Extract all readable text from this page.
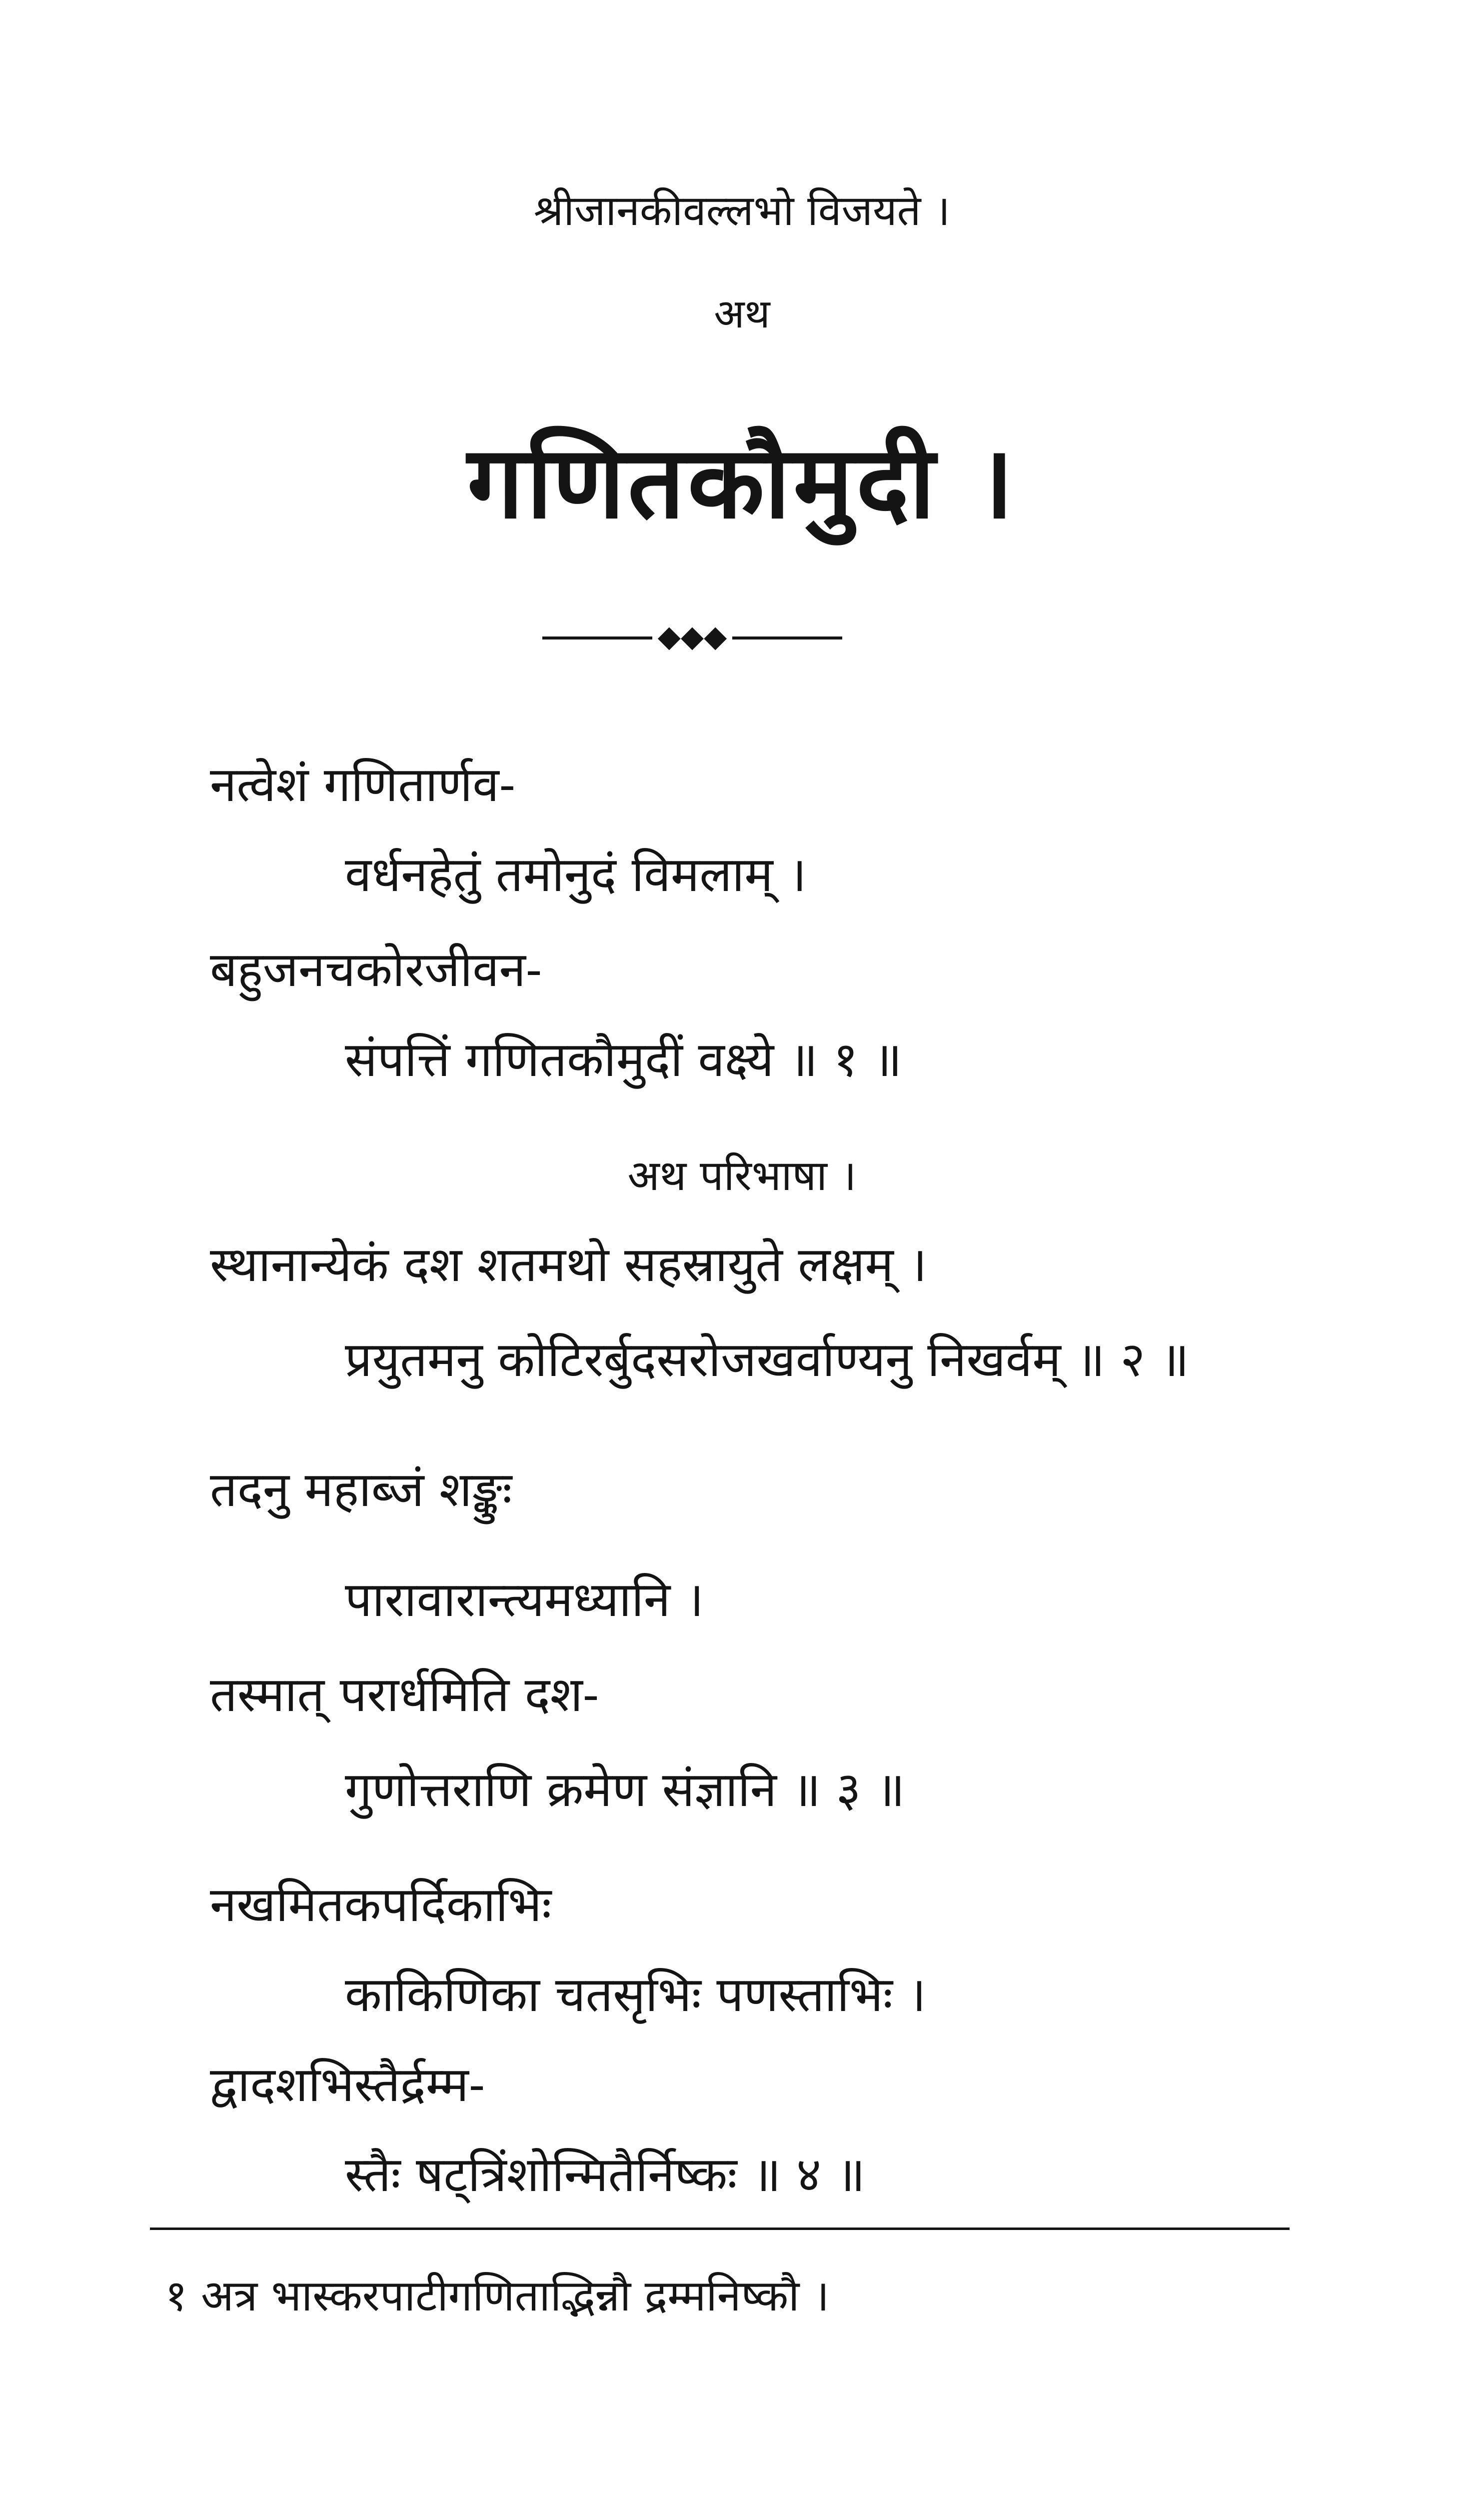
श्रीजानकीवल्लभो विजयते ।
अथ
गणितकौमुदी ।
◆◆◆
नत्वेशं गणितार्णव-
वर्धनहेतुं तमोनुदं विमलाम् ।
बहुजनचकोरजीवन-
संपत्तिं गणितकौमुदीं वक्ष्ये ॥ १ ॥
अथ परिभाषा ।
स्थानान्येकं दश शतमथो सहस्रायुते लक्षम् ।
प्रयुतमनु कोटिरर्बुदसरोजखर्वाण्यनु निखर्वम् ॥ २ ॥
तदनु महाब्जं शङ्कुः
पारावारान्त्यमध्यानि ।
तस्मात् परार्धमिति दश-
गुणोत्तराणि क्रमेण संज्ञानि ॥ ३ ॥
नखमितकपर्दिकाभिः
काकिणिका चतसृभिः पणस्ताभिः ।
द्वादशभिस्तैर्द्रम्म-
स्तैः षट्त्रिंशोन्मितैर्निष्कः ॥ ४ ॥
१ अत्र भास्करपाटीगणिताद्भिन्नौ द्रम्मनिष्कौ ।
